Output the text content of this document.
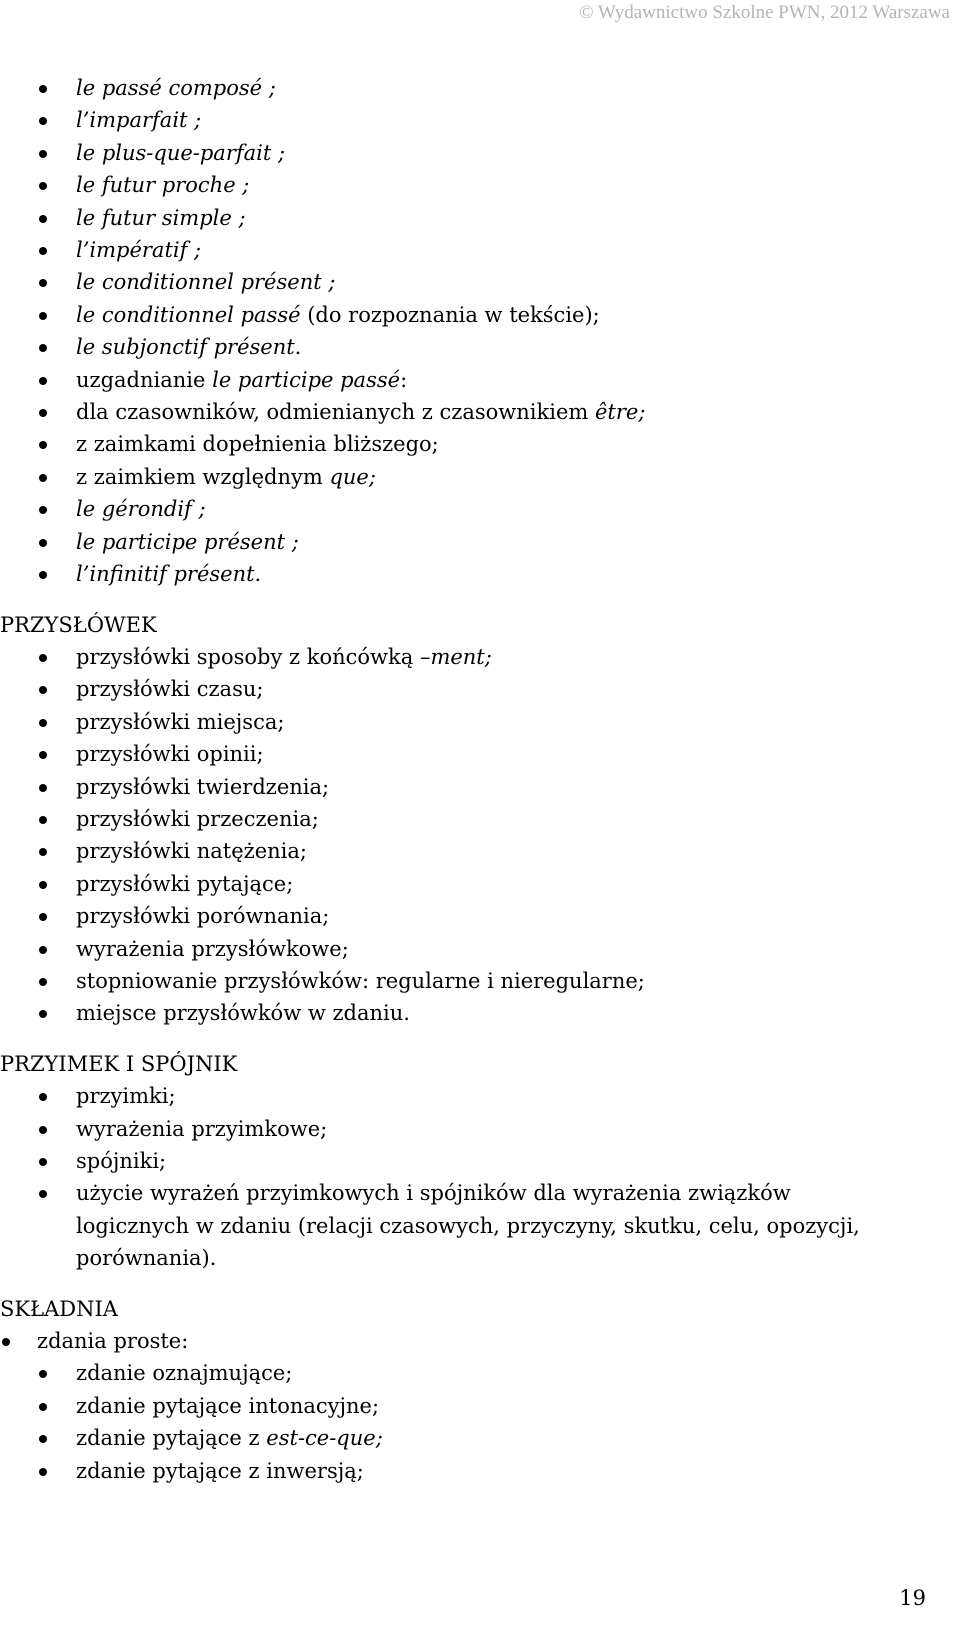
© Wydawnictwo Szkolne PWN, 2012 Warszawa
le passé composé ;
l’imparfait ;
le plus-que-parfait ;
le futur proche ;
le futur simple ;
l’impératif ;
le conditionnel présent ;
le conditionnel passé (do rozpoznania w tekście);
le subjonctif présent.
uzgadnianie le participe passé:
dla czasowników, odmienianych z czasownikiem être;
z zaimkami dopełnienia bliższego;
z zaimkiem względnym que;
le gérondif ;
le participe présent ;
l’infinitif présent.
PRZYSŁÓWEK
przysłówki sposoby z końcówką –ment;
przysłówki czasu;
przysłówki miejsca;
przysłówki opinii;
przysłówki twierdzenia;
przysłówki przeczenia;
przysłówki natężenia;
przysłówki pytające;
przysłówki porównania;
wyrażenia przysłówkowe;
stopniowanie przysłówków: regularne i nieregularne;
miejsce przysłówków w zdaniu.
PRZYIMEK I SPÓJNIK
przyimki;
wyrażenia przyimkowe;
spójniki;
użycie wyrażeń przyimkowych i spójników dla wyrażenia związków logicznych w zdaniu (relacji czasowych, przyczyny, skutku, celu, opozycji, porównania).
SKŁADNIA
zdania proste:
zdanie oznajmujące;
zdanie pytające intonacyjne;
zdanie pytające z est-ce-que;
zdanie pytające z inwersją;
19
